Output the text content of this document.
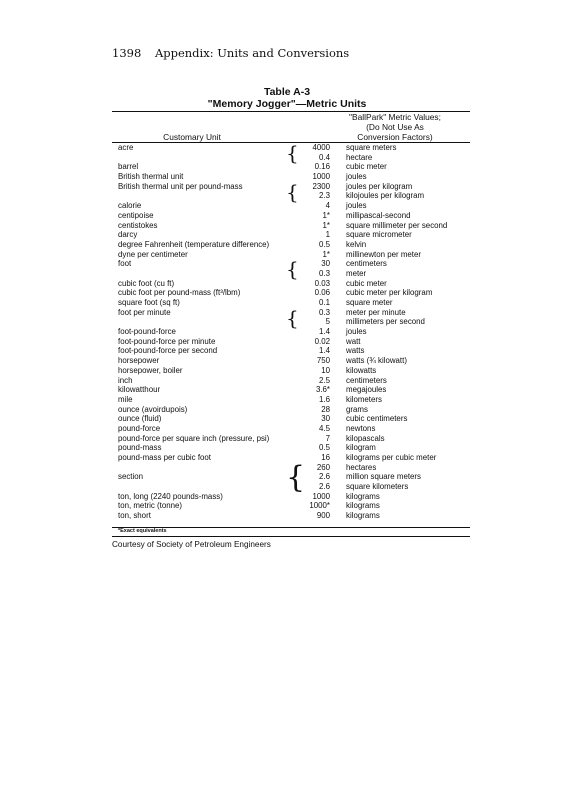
1398 Appendix: Units and Conversions
Table A-3
"Memory Jogger"—Metric Units
Customary Unit
"BallPark" Metric Values;
(Do Not Use As
Conversion Factors)
acre	4000 square meters
0.4 hectare
barrel	0.16 cubic meter
British thermal unit	1000 joules
British thermal unit per pound-mass	2300 joules per kilogram
2.3 kilojoules per kilogram
calorie	4 joules
centipoise	1* millipascal-second
centistokes	1* square millimeter per second
darcy	1 square micrometer
degree Fahrenheit (temperature difference)	0.5 kelvin
dyne per centimeter	1* millinewton per meter
foot	30 centimeters
0.3 meter
cubic foot (cu ft)	0.03 cubic meter
cubic foot per pound-mass (ft³/lbm)	0.06 cubic meter per kilogram
square foot (sq ft)	0.1 square meter
foot per minute	0.3 meter per minute
5 millimeters per second
foot-pound-force	1.4 joules
foot-pound-force per minute	0.02 watt
foot-pound-force per second	1.4 watts
horsepower	750 watts (¾ kilowatt)
horsepower, boiler	10 kilowatts
inch	2.5 centimeters
kilowatthour	3.6* megajoules
mile	1.6 kilometers
ounce (avoirdupois)	28 grams
ounce (fluid)	30 cubic centimeters
pound-force	4.5 newtons
pound-force per square inch (pressure, psi)	7 kilopascals
pound-mass	0.5 kilogram
pound-mass per cubic foot	16 kilograms per cubic meter
260 hectares
section	2.6 million square meters
2.6 square kilometers
ton, long (2240 pounds-mass)	1000 kilograms
ton, metric (tonne)	1000* kilograms
ton, short	900 kilograms
{
{
{
{
{
*Exact equivalents
Courtesy of Society of Petroleum Engineers
